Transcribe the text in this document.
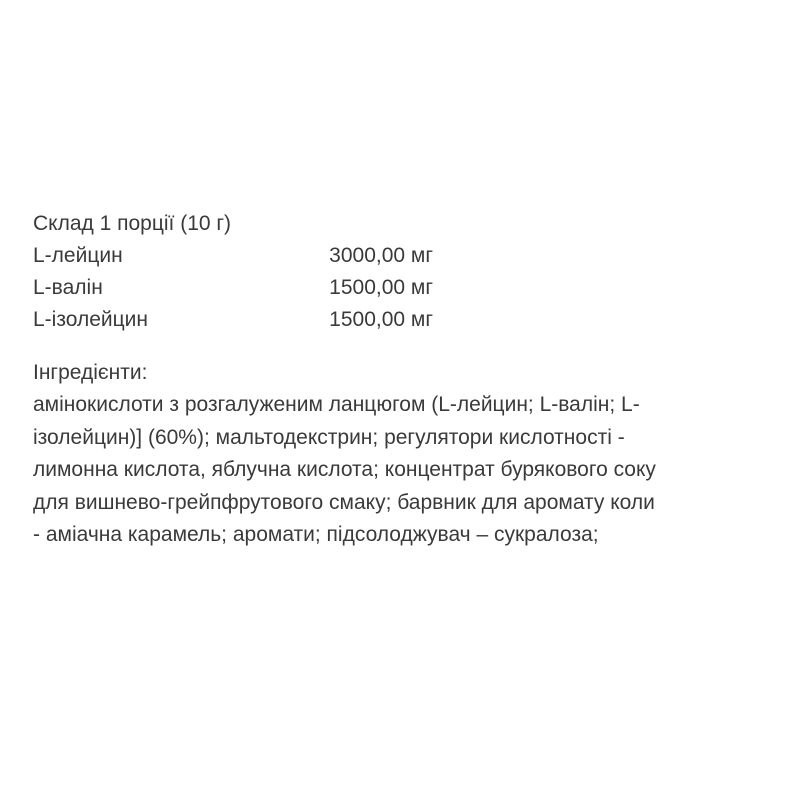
Склад 1 порції (10 г)
L-лейцин	3000,00 мг
L-валін	1500,00 мг
L-ізолейцин	1500,00 мг
Інгредієнти:
амінокислоти з розгалуженим ланцюгом (L-лейцин; L-валін; L-
ізолейцин)] (60%); мальтодекстрин; регулятори кислотності -
лимонна кислота, яблучна кислота; концентрат бурякового соку
для вишнево-грейпфрутового смаку; барвник для аромату коли
- аміачна карамель; аромати; підсолоджувач – сукралоза;
